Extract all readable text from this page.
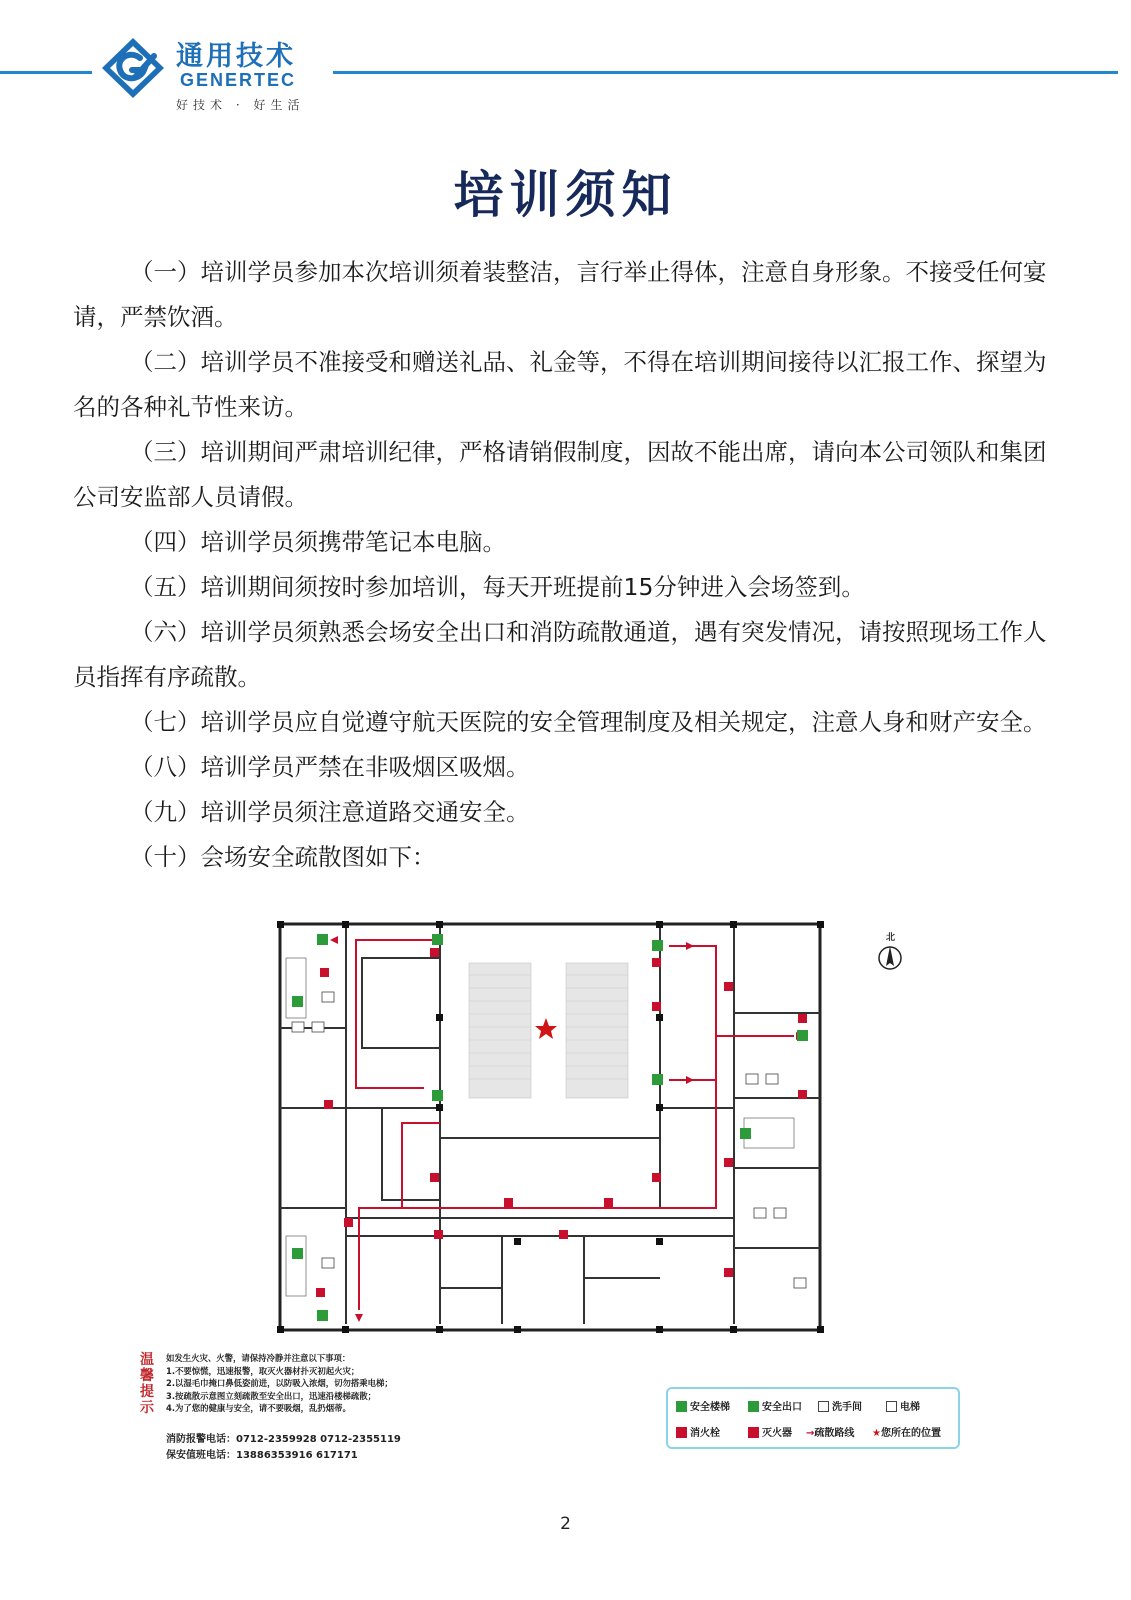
通用技术
GENERTEC
好技术 · 好生活
培训须知

（一）培训学员参加本次培训须着装整洁，言行举止得体，注意自身形象。不接受任何宴请，严禁饮酒。

（二）培训学员不准接受和赠送礼品、礼金等，不得在培训期间接待以汇报工作、探望为名的各种礼节性来访。

（三）培训期间严肃培训纪律，严格请销假制度，因故不能出席，请向本公司领队和集团公司安监部人员请假。

（四）培训学员须携带笔记本电脑。

（五）培训期间须按时参加培训，每天开班提前15分钟进入会场签到。

（六）培训学员须熟悉会场安全出口和消防疏散通道，遇有突发情况，请按照现场工作人员指挥有序疏散。

（七）培训学员应自觉遵守航天医院的安全管理制度及相关规定，注意人身和财产安全。

（八）培训学员严禁在非吸烟区吸烟。

（九）培训学员须注意道路交通安全。

（十）会场安全疏散图如下：

北
温馨提示
如发生火灾、火警，请保持冷静并注意以下事项：
1.不要惊慌，迅速报警，取灭火器材扑灭初起火灾；
2.以湿毛巾掩口鼻低姿前进，以防吸入浓烟，切勿搭乘电梯；
3.按疏散示意图立刻疏散至安全出口，迅速沿楼梯疏散；
4.为了您的健康与安全，请不要吸烟，乱扔烟蒂。
消防报警电话：0712-2359928 0712-2355119
保安值班电话：13886353916 617171
安全楼梯	安全出口	洗手间	电梯
消火栓	灭火器 →疏散路线 ★您所在的位置
2
